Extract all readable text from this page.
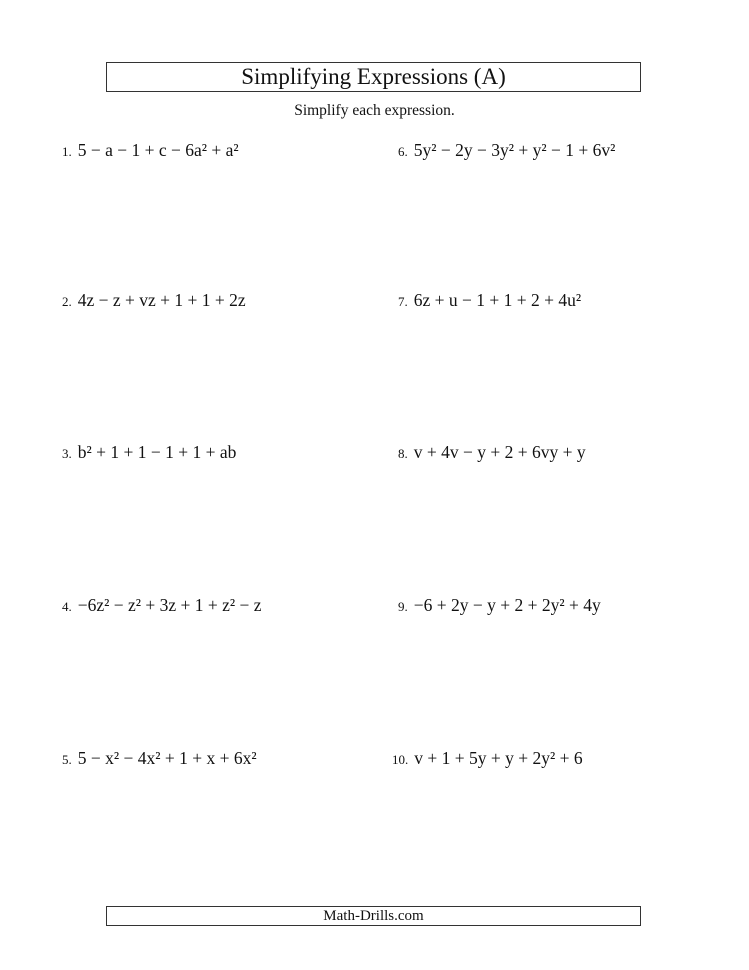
Simplifying Expressions (A)
Simplify each expression.
1. 5 − a − 1 + c − 6a² + a²
2. 4z − z + vz + 1 + 1 + 2z
3. b² + 1 + 1 − 1 + 1 + ab
4. −6z² − z² + 3z + 1 + z² − z
5. 5 − x² − 4x² + 1 + x + 6x²
6. 5y² − 2y − 3y² + y² − 1 + 6v²
7. 6z + u − 1 + 1 + 2 + 4u²
8. v + 4v − y + 2 + 6vy + y
9. −6 + 2y − y + 2 + 2y² + 4y
10. v + 1 + 5y + y + 2y² + 6
Math-Drills.com
